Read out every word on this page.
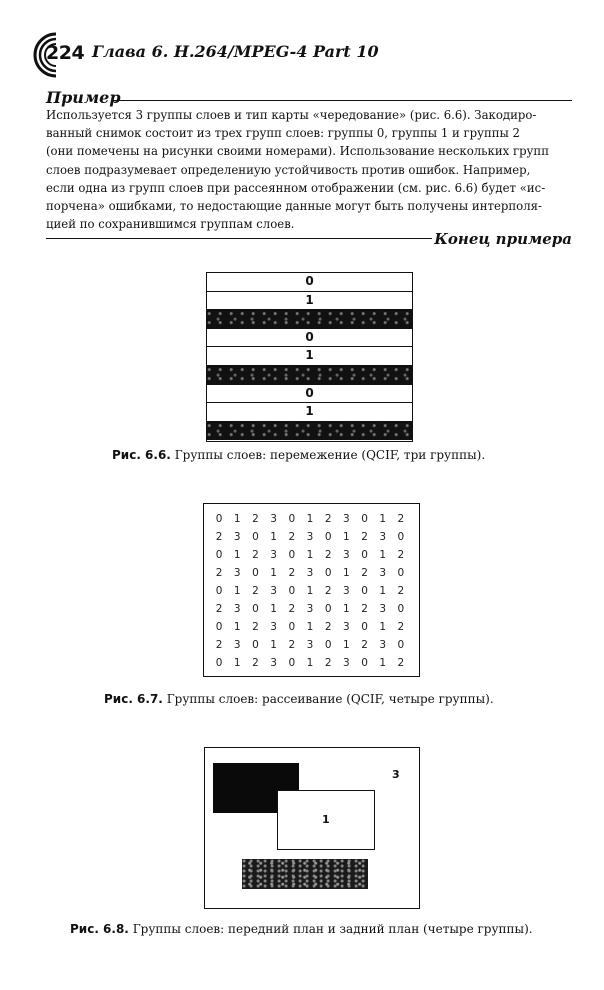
224 Глава 6. H.264/MPEG-4 Part 10
Пример
Используется 3 группы слоев и тип карты «чередование» (рис. 6.6). Закодиро-
ванный снимок состоит из трех групп слоев: группы 0, группы 1 и группы 2
(они помечены на рисунки своими номерами). Использование нескольких групп
слоев подразумевает определениую устойчивость против ошибок. Например,
если одна из групп слоев при рассеянном отображении (см. рис. 6.6) будет «ис-
порчена» ошибками, то недостающие данные могут быть получены интерполя-
цией по сохранившимся группам слоев.
Конец примера
0
1
0
1
0
1
Рис. 6.6. Группы слоев: перемежение (QCIF, три группы).
0	1	2	3	0	1	2	3	0	1	2
2	3	0	1	2	3	0	1	2	3	0
0	1	2	3	0	1	2	3	0	1	2
2	3	0	1	2	3	0	1	2	3	0
0	1	2	3	0	1	2	3	0	1	2
2	3	0	1	2	3	0	1	2	3	0
0	1	2	3	0	1	2	3	0	1	2
2	3	0	1	2	3	0	1	2	3	0
0	1	2	3	0	1	2	3	0	1	2
Рис. 6.7. Группы слоев: рассеивание (QCIF, четыре группы).
1
3
Рис. 6.8. Группы слоев: передний план и задний план (четыре группы).
